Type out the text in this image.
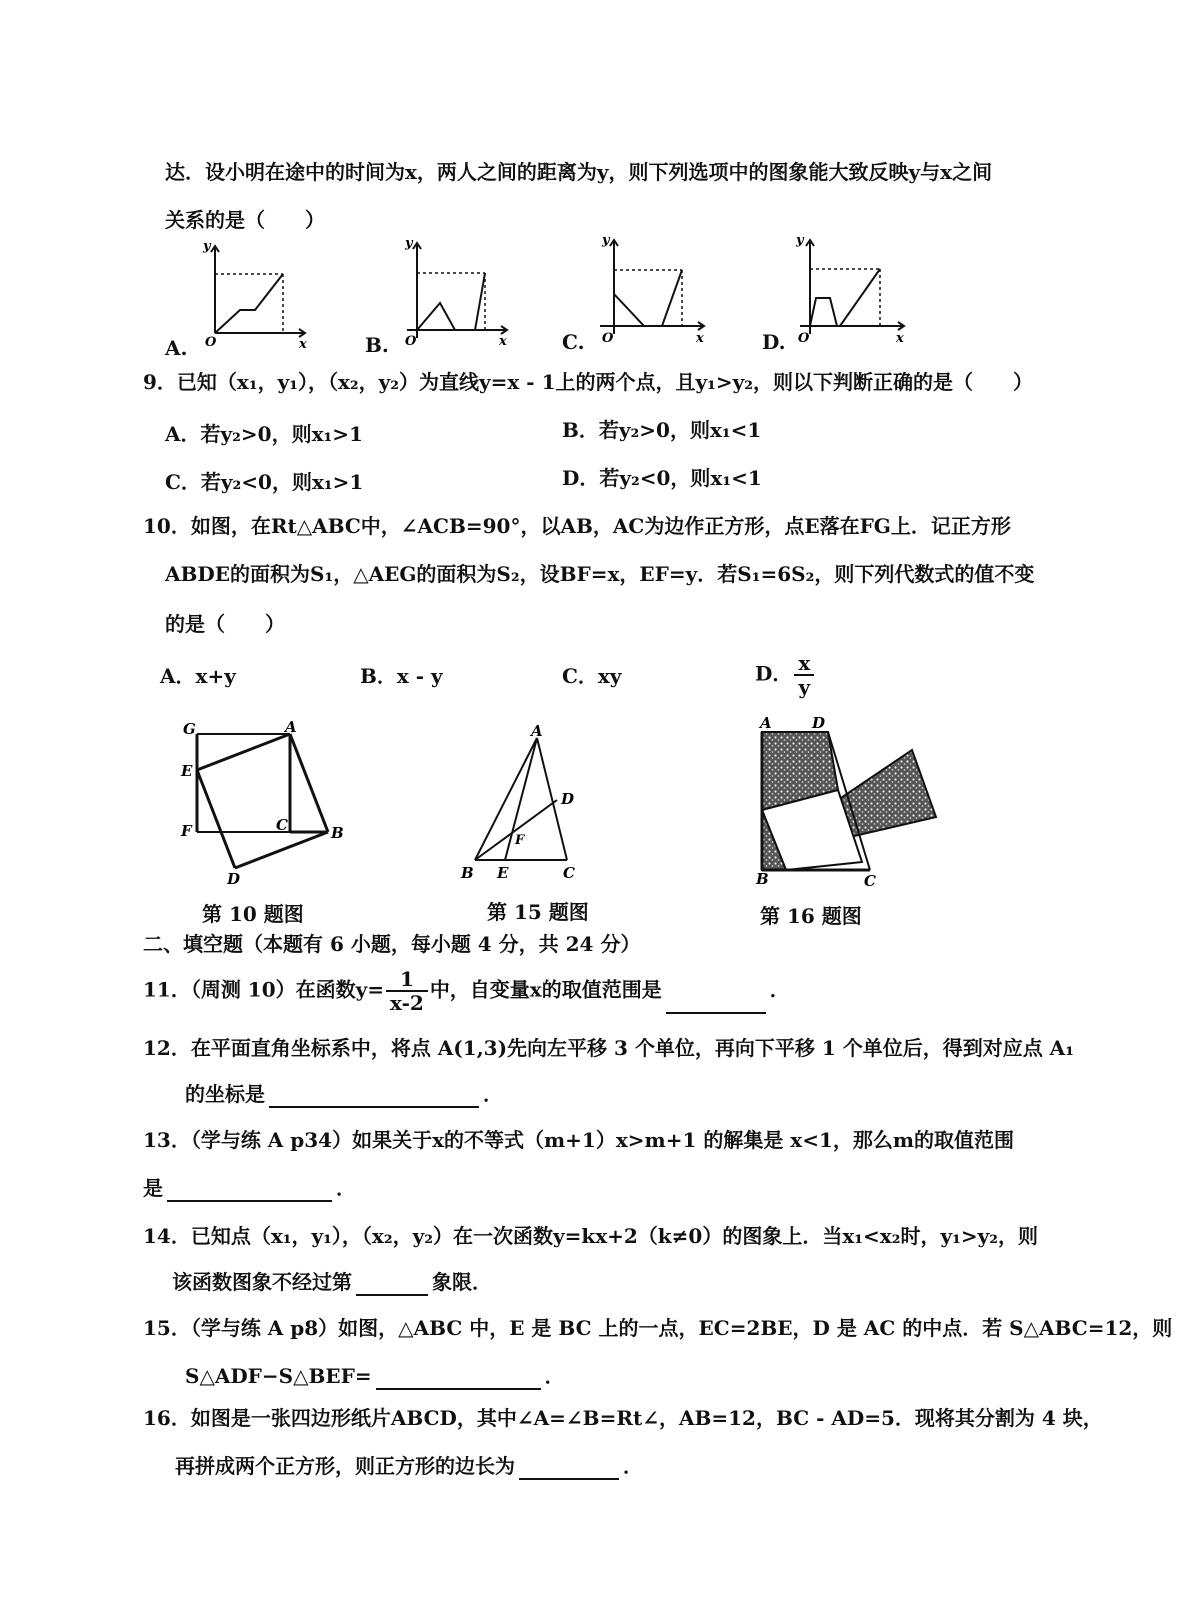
达．设小明在途中的时间为x，两人之间的距离为y，则下列选项中的图象能大致反映y与x之间
关系的是（　　）
A.
y
x
O	B.
y
x
O	C.
y
x
O	D.
y
x
O
9．已知（x₁，y₁），（x₂，y₂）为直线y=x - 1上的两个点，且y₁>y₂，则以下判断正确的是（　　）
A．若y₂>0，则x₁>1	B．若y₂>0，则x₁<1
C．若y₂<0，则x₁>1	D．若y₂<0，则x₁<1
10．如图，在Rt△ABC中，∠ACB=90°，以AB，AC为边作正方形，点E落在FG上．记正方形
ABDE的面积为S₁，△AEG的面积为S₂，设BF=x，EF=y．若S₁=6S₂，则下列代数式的值不变
的是（　　）
A．x+y	B．x - y	C．xy	D． $\frac{x}{y}$
G	A
E
F	C	B
D
第 10 题图
A
D
F
B E	C
第 15 题图
A	D
B	C
第 16 题图
二、填空题（本题有 6 小题，每小题 4 分，共 24 分）
11．（周测 10）在函数$y= \frac{1}{x-2}$ 中，自变量x的取值范围是	．
12．在平面直角坐标系中，将点 A(1,3)先向左平移 3 个单位，再向下平移 1 个单位后，得到对应点 A₁
的坐标是	．
13．（学与练 A p34）如果关于x的不等式（m+1）x>m+1 的解集是 x<1，那么m的取值范围
是	．
14．已知点（x₁，y₁），（x₂，y₂）在一次函数y=kx+2（k≠0）的图象上．当x₁<x₂时，y₁>y₂，则
该函数图象不经过第	象限．
15．（学与练 A p8）如图，△ABC 中，E 是 BC 上的一点，EC=2BE，D 是 AC 的中点．若 S△ABC=12，则
S△ADF−S△BEF=	．
16．如图是一张四边形纸片ABCD，其中∠A=∠B=Rt∠，AB=12，BC - AD=5．现将其分割为 4 块，
再拼成两个正方形，则正方形的边长为	．
